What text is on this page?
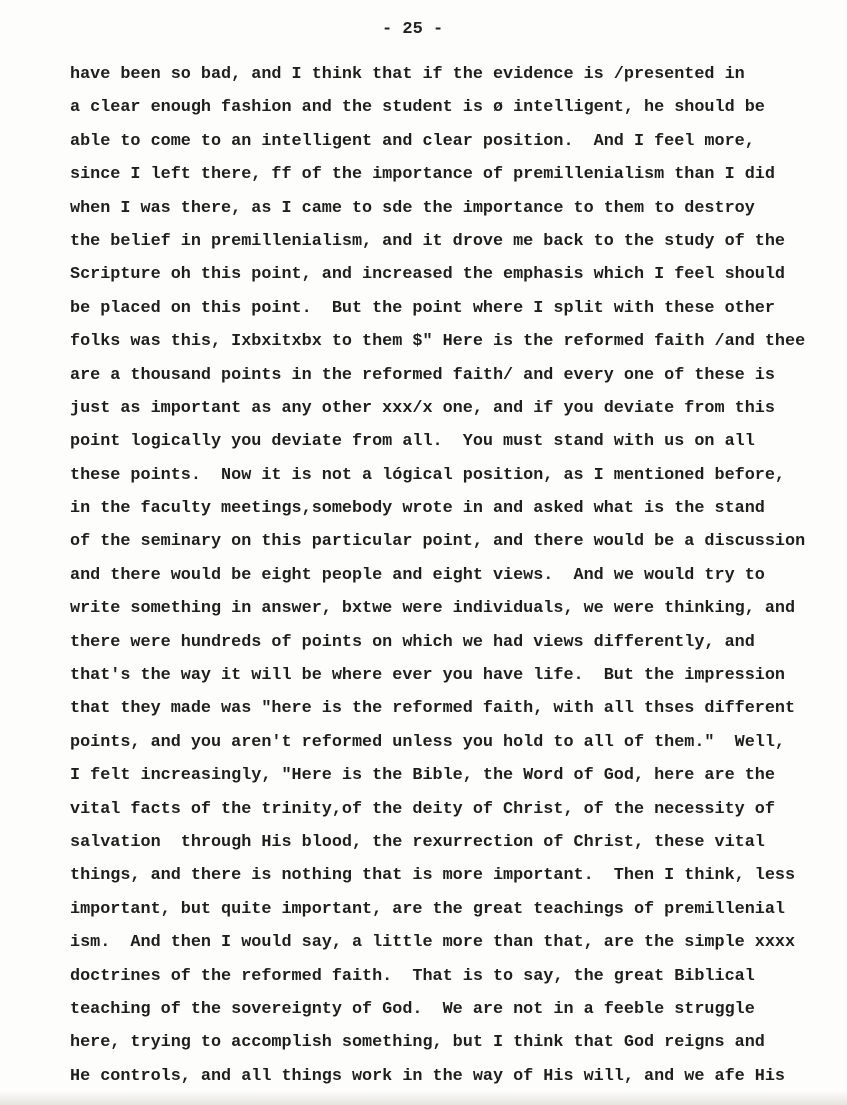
- 25 -
have been so bad, and I think that if the evidence is /presented in
a clear enough fashion and the student is ø intelligent, he should be
able to come to an intelligent and clear position.  And I feel more,
since I left there, ff of the importance of premillenialism than I did
when I was there, as I came to sde the importance to them to destroy
the belief in premillenialism, and it drove me back to the study of the
Scripture oh this point, and increased the emphasis which I feel should
be placed on this point.  But the point where I split with these other
folks was this, Ixbxitxbx to them $" Here is the reformed faith /and thee
are a thousand points in the reformed faith/ and every one of these is
just as important as any other xxx/x one, and if you deviate from this
point logically you deviate from all.  You must stand with us on all
these points.  Now it is not a lógical position, as I mentioned before,
in the faculty meetings,somebody wrote in and asked what is the stand
of the seminary on this particular point, and there would be a discussion
and there would be eight people and eight views.  And we would try to
write something in answer, bxtwe were individuals, we were thinking, and
there were hundreds of points on which we had views differently, and
that's the way it will be where ever you have life.  But the impression
that they made was "here is the reformed faith, with all thses different
points, and you aren't reformed unless you hold to all of them."  Well,
I felt increasingly, "Here is the Bible, the Word of God, here are the
vital facts of the trinity,of the deity of Christ, of the necessity of
salvation  through His blood, the rexurrection of Christ, these vital
things, and there is nothing that is more important.  Then I think, less
important, but quite important, are the great teachings of premillenial
ism.  And then I would say, a little more than that, are the simple xxxx
doctrines of the reformed faith.  That is to say, the great Biblical
teaching of the sovereignty of God.  We are not in a feeble struggle
here, trying to accomplish something, but I think that God reigns and
He controls, and all things work in the way of His will, and we afe His
